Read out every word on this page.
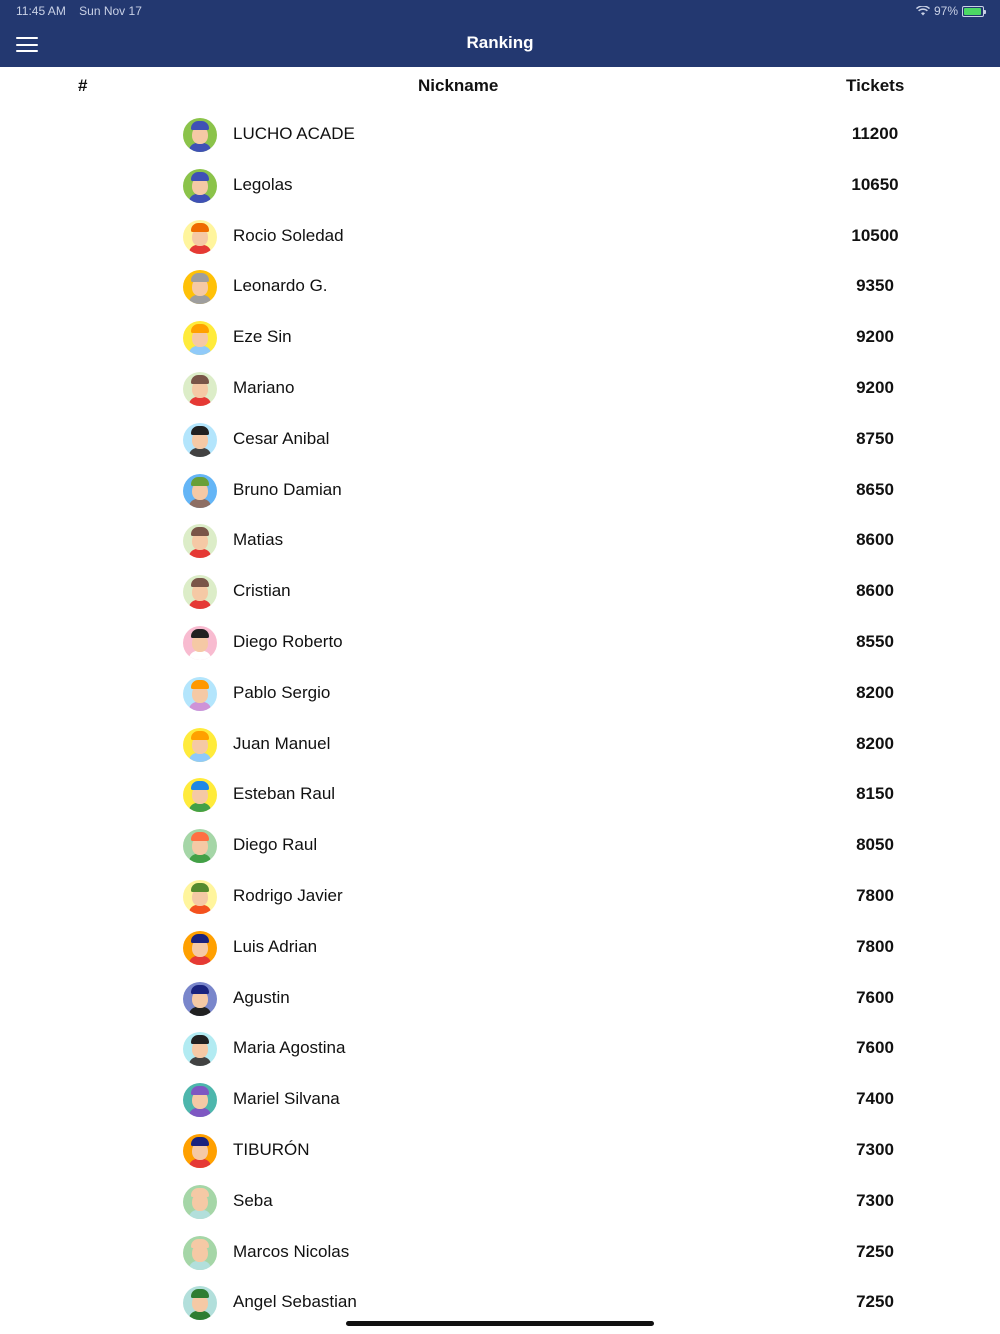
11:45 AM Sun Nov 17	97%
Ranking
#	Nickname	Tickets
LUCHO ACADE	11200
Legolas	10650
Rocio Soledad	10500
Leonardo G.	9350
Eze Sin	9200
Mariano	9200
Cesar Anibal	8750
Bruno Damian	8650
Matias	8600
Cristian	8600
Diego Roberto	8550
Pablo Sergio	8200
Juan Manuel	8200
Esteban Raul	8150
Diego Raul	8050
Rodrigo Javier	7800
Luis Adrian	7800
Agustin	7600
Maria Agostina	7600
Mariel Silvana	7400
TIBURÓN	7300
Seba	7300
Marcos Nicolas	7250
Angel Sebastian	7250
